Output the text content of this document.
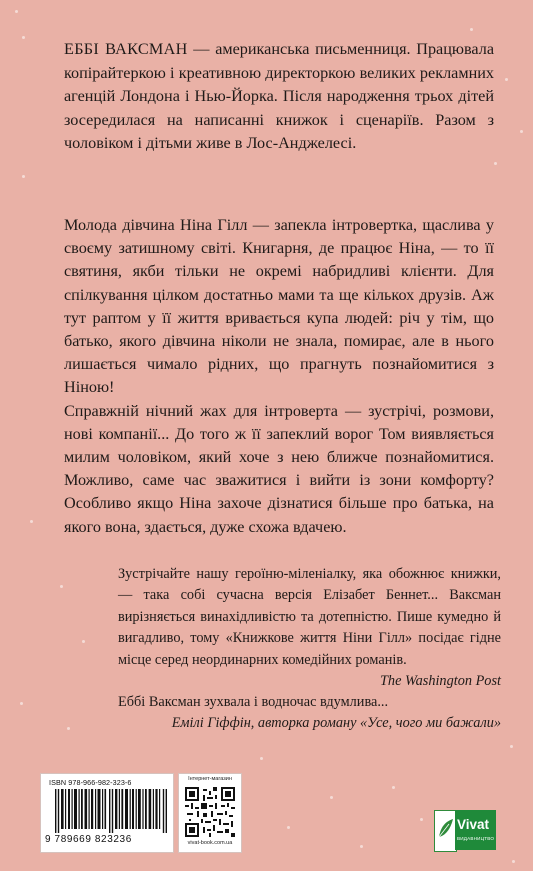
ЕББІ ВАКСМАН — американська письменниця. Працювала копірайтеркою і креативною директоркою великих рекламних агенцій Лондона і Нью-Йорка. Після народження трьох дітей зосередилася на написанні книжок і сценаріїв. Разом з чоловіком і дітьми живе в Лос-Анджелесі.

Молода дівчина Ніна Гілл — запекла інтровертка, щаслива у своєму затишному світі. Книгарня, де працює Ніна, — то її святиня, якби тільки не окремі набридливі клієнти. Для спілкування цілком достатньо мами та ще кількох друзів. Аж тут раптом у її життя вривається купа людей: річ у тім, що батько, якого дівчина ніколи не знала, помирає, але в нього лишається чимало рідних, що прагнуть познайомитися з Ніною!

Справжній нічний жах для інтроверта — зустрічі, розмови, нові компанії... До того ж її запеклий ворог Том виявляється милим чоловіком, який хоче з нею ближче познайомитися. Можливо, саме час зважитися і вийти із зони комфорту? Особливо якщо Ніна захоче дізнатися більше про батька, на якого вона, здається, дуже схожа вдачею.

Зустрічайте нашу героїню-міленіалку, яка обожнює книжки, — така собі сучасна версія Елізабет Беннет... Ваксман вирізняється винахідливістю та дотепністю. Пише кумедно й вигадливо, тому «Книжкове життя Ніни Гілл» посідає гідне місце серед неординарних комедійних романів.

The Washington Post

Еббі Ваксман зухвала і водночас вдумлива...

Емілі Гіффін, авторка роману «Усе, чого ми бажали»

ISBN 978-966-982-323-6
9 789669 823236
Інтернет-магазин
vivat-book.com.ua
Vivat
ВИДАВНИЦТВО
